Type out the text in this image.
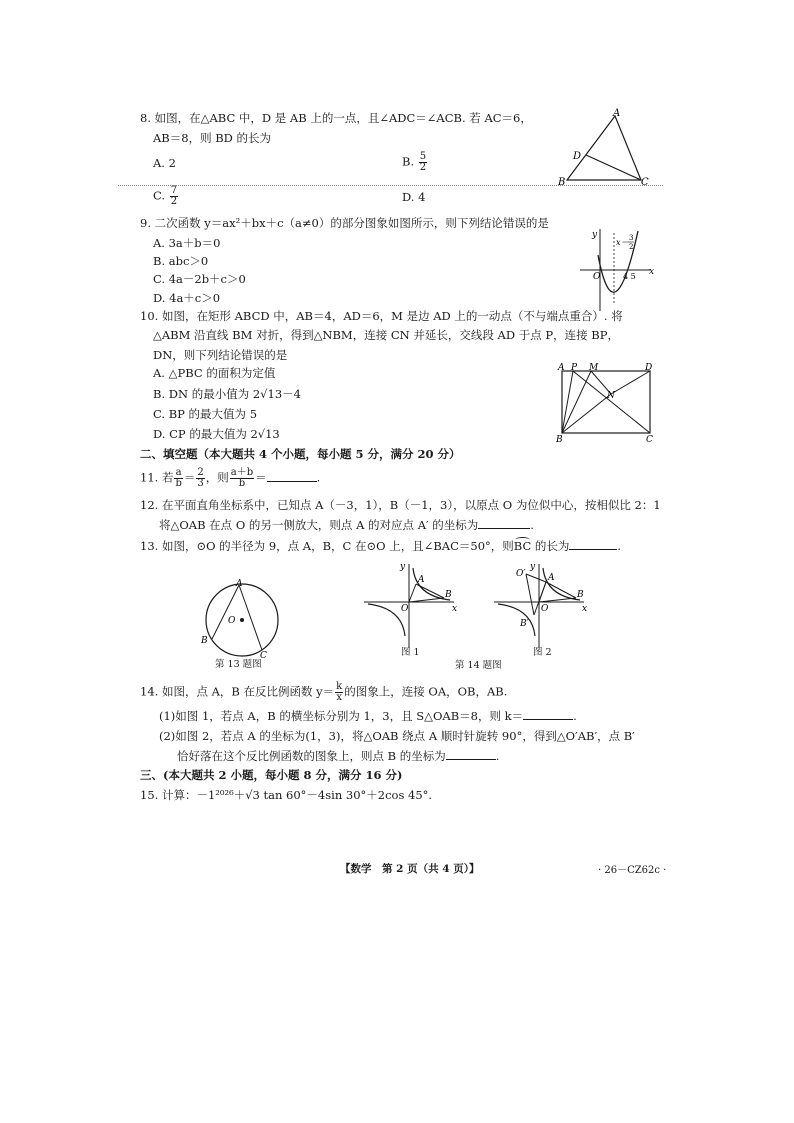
8. 如图，在△ABC 中，D 是 AB 上的一点，且∠ADC＝∠ACB. 若 AC＝6，
AB＝8，则 BD 的长为
A. 2	B. $\frac{5}{2}$
C. $\frac{7}{2}$	D. 4
A
B	C
D
9. 二次函数 y＝ax²＋bx＋c（a≠0）的部分图象如图所示，则下列结论错误的是
A. 3a＋b＝0
B. abc＞0
C. 4a－2b＋c＞0
D. 4a＋c＞0
y
x
O	4 5
x＝ 3
2
10. 如图，在矩形 ABCD 中，AB＝4，AD＝6，M 是边 AD 上的一动点（不与端点重合）. 将
△ABM 沿直线 BM 对折，得到△NBM，连接 CN 并延长，交线段 AD 于点 P，连接 BP，
DN，则下列结论错误的是
A. △PBC 的面积为定值
B. DN 的最小值为 2√13－4
C. BP 的最大值为 5
D. CP 的最大值为 2√13
A P M	D
N
B	C
二、填空题（本大题共 4 个小题，每小题 5 分，满分 20 分）
11. 若 $\frac{a}{b} = \frac{2}{3}$ ，则 $\frac{a+b}{b}$ ＝	.
12. 在平面直角坐标系中，已知点 A（－3，1），B（－1，3），以原点 O 为位似中心，按相似比 2：1
将△OAB 在点 O 的另一侧放大，则点 A 的对应点 A′ 的坐标为	.
13. 如图，⊙O 的半径为 9，点 A，B，C 在⊙O 上，且∠BAC＝50°，则BC 的长为	.
A
B
C
O
第 13 题图
y
x
O
A
B
图 1
第 14 题图
y
x
O
A
B
O′
B′
图 2
14. 如图，点 A，B 在反比例函数 $y= \frac{k}{x}$ 的图象上，连接 OA，OB，AB.
(1)如图 1，若点 A，B 的横坐标分别为 1，3，且 S△OAB＝8，则 k＝	.
(2)如图 2，若点 A 的坐标为(1，3)，将△OAB 绕点 A 顺时针旋转 90°，得到△O′AB′，点 B′
恰好落在这个反比例函数的图象上，则点 B 的坐标为	.
三、(本大题共 2 小题，每小题 8 分，满分 16 分)
15. 计算：－1²⁰²⁶＋√3 tan 60°－4sin 30°＋2cos 45°.
【数学　第 2 页（共 4 页）】	· 26－CZ62c ·
